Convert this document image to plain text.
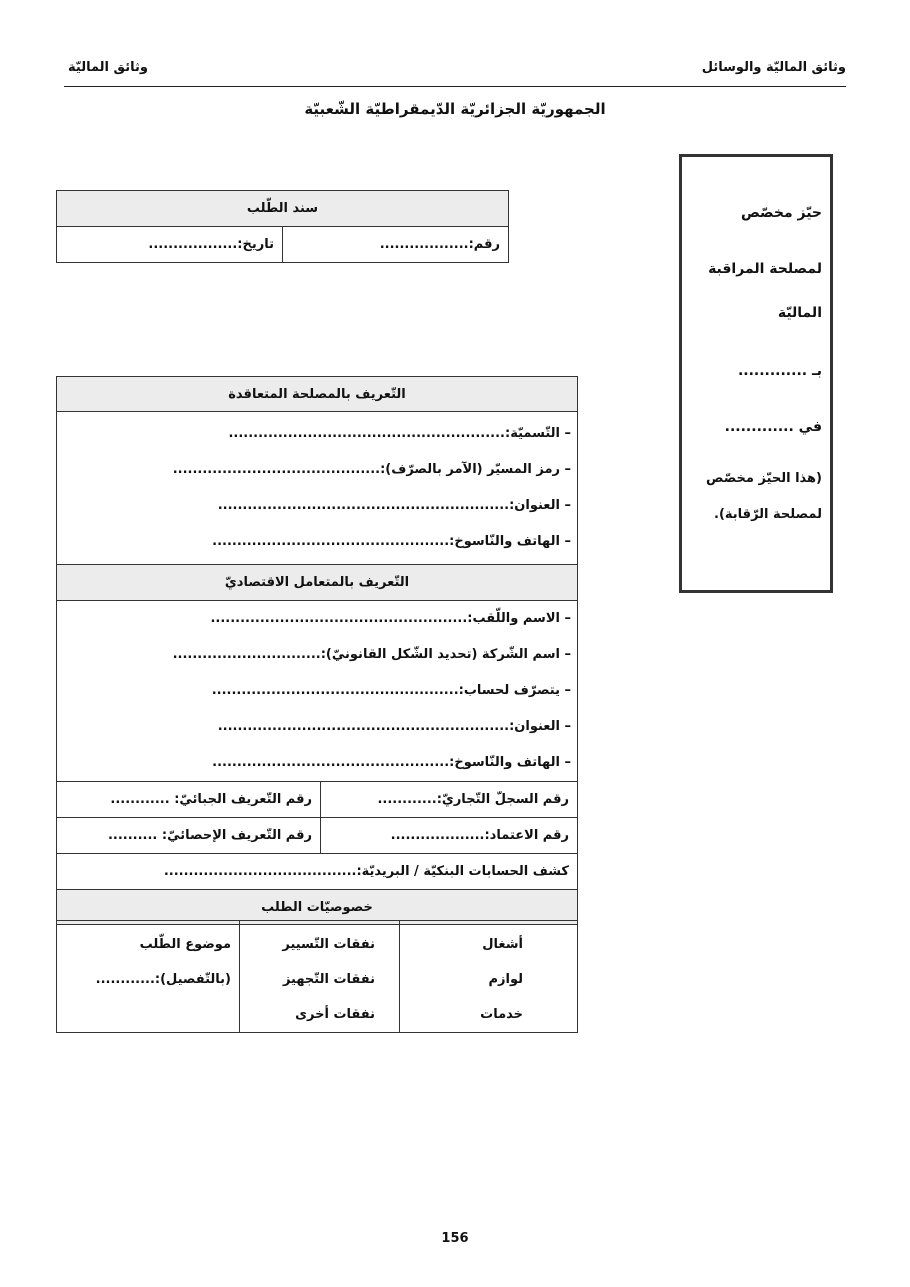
وثائق الماليّة والوسائل
وثائق الماليّة
الجمهوريّة الجزائريّة الدّيمقراطيّة الشّعبيّة
سند الطّلب
رقم:..................	تاريخ:..................
حيّز مخصّص
لمصلحة المراقبة
الماليّة
بـ .............
في .............
(هذا الحيّز مخصّص
لمصلحة الرّقابة).
التّعريف بالمصلحة المتعاقدة	

– التّسميّة:........................................................
– رمز المسيّر (الآمر بالصرّف):..........................................
– العنوان:...........................................................
– الهاتف والنّاسوخ:................................................	

التّعريف بالمتعامل الاقتصاديّ	

– الاسم واللّقب:....................................................
– اسم الشّركة (تحديد الشّكل القانونيّ):..............................
– يتصرّف لحساب:..................................................
– العنوان:...........................................................
– الهاتف والنّاسوخ:................................................	

رقم السجلّ التّجاريّ:............	رقم التّعريف الجبائيّ: ............
رقم الاعتماد:...................	رقم التّعريف الإحصائيّ: ..........
كشف الحسابات البنكيّة / البريديّة:.......................................	
خصوصيّات الطلب	
أشغال
لوازم
خدمات

نفقات التّسيير
نفقات التّجهيز
نفقات أخرى

موضوع الطّلب
(بالتّفصيل):............
156
